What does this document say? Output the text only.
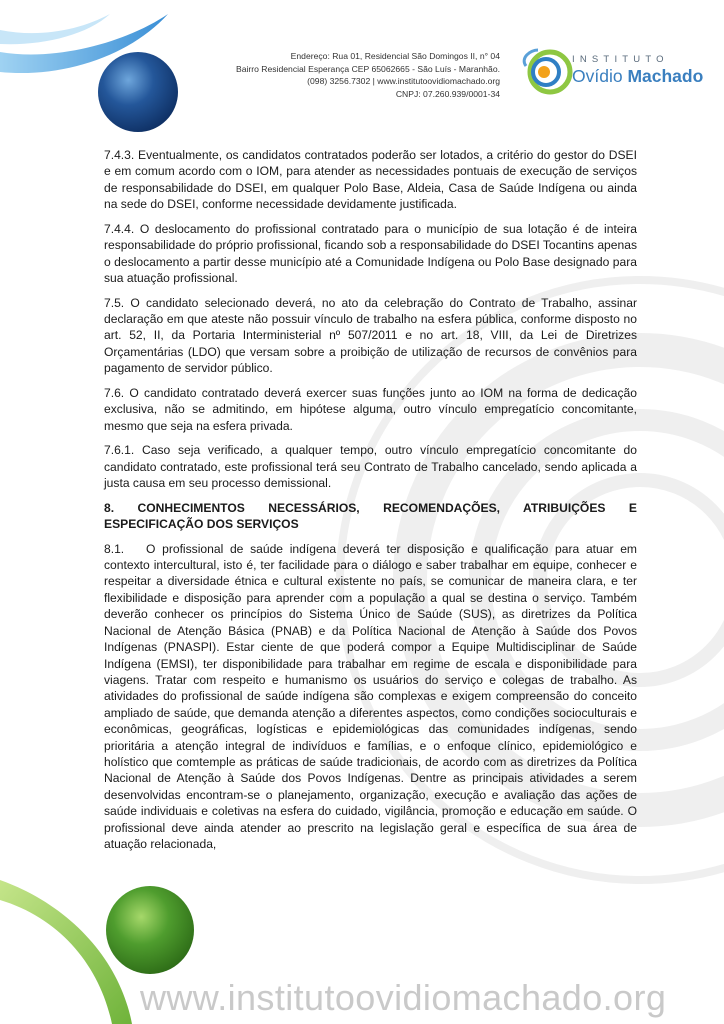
Endereço: Rua 01, Residencial São Domingos II, n° 04
Bairro Residencial Esperança CEP 65062665 - São Luís - Maranhão.
(098) 3256.7302 | www.institutoovidiomachado.org
CNPJ: 07.260.939/0001-34
INSTITUTO
Ovídio Machado

7.4.3. Eventualmente, os candidatos contratados poderão ser lotados, a critério do gestor do DSEI e em comum acordo com o IOM, para atender as necessidades pontuais de execução de serviços de responsabilidade do DSEI, em qualquer Polo Base, Aldeia, Casa de Saúde Indígena ou ainda na sede do DSEI, conforme necessidade devidamente justificada.

7.4.4. O deslocamento do profissional contratado para o município de sua lotação é de inteira responsabilidade do próprio profissional, ficando sob a responsabilidade do DSEI Tocantins apenas o deslocamento a partir desse município até a Comunidade Indígena ou Polo Base designado para sua atuação profissional.

7.5. O candidato selecionado deverá, no ato da celebração do Contrato de Trabalho, assinar declaração em que ateste não possuir vínculo de trabalho na esfera pública, conforme disposto no art. 52, II, da Portaria Interministerial nº 507/2011 e no art. 18, VIII, da Lei de Diretrizes Orçamentárias (LDO) que versam sobre a proibição de utilização de recursos de convênios para pagamento de servidor público.

7.6. O candidato contratado deverá exercer suas funções junto ao IOM na forma de dedicação exclusiva, não se admitindo, em hipótese alguma, outro vínculo empregatício concomitante, mesmo que seja na esfera privada.

7.6.1. Caso seja verificado, a qualquer tempo, outro vínculo empregatício concomitante do candidato contratado, este profissional terá seu Contrato de Trabalho cancelado, sendo aplicada a justa causa em seu processo demissional.

8. CONHECIMENTOS NECESSÁRIOS, RECOMENDAÇÕES, ATRIBUIÇÕES E ESPECIFICAÇÃO DOS SERVIÇOS

8.1. O profissional de saúde indígena deverá ter disposição e qualificação para atuar em contexto intercultural, isto é, ter facilidade para o diálogo e saber trabalhar em equipe, conhecer e respeitar a diversidade étnica e cultural existente no país, se comunicar de maneira clara, e ter flexibilidade e disposição para aprender com a população a qual se destina o serviço. Também deverão conhecer os princípios do Sistema Único de Saúde (SUS), as diretrizes da Política Nacional de Atenção Básica (PNAB) e da Política Nacional de Atenção à Saúde dos Povos Indígenas (PNASPI). Estar ciente de que poderá compor a Equipe Multidisciplinar de Saúde Indígena (EMSI), ter disponibilidade para trabalhar em regime de escala e disponibilidade para viagens. Tratar com respeito e humanismo os usuários do serviço e colegas de trabalho. As atividades do profissional de saúde indígena são complexas e exigem compreensão do conceito ampliado de saúde, que demanda atenção a diferentes aspectos, como condições socioculturais e econômicas, geográficas, logísticas e epidemiológicas das comunidades indígenas, sendo prioritária a atenção integral de indivíduos e famílias, e o enfoque clínico, epidemiológico e holístico que comtemple as práticas de saúde tradicionais, de acordo com as diretrizes da Política Nacional de Atenção à Saúde dos Povos Indígenas. Dentre as principais atividades a serem desenvolvidas encontram-se o planejamento, organização, execução e avaliação das ações de saúde individuais e coletivas na esfera do cuidado, vigilância, promoção e educação em saúde. O profissional deve ainda atender ao prescrito na legislação geral e específica de sua área de atuação relacionada,

www.institutoovidiomachado.org
